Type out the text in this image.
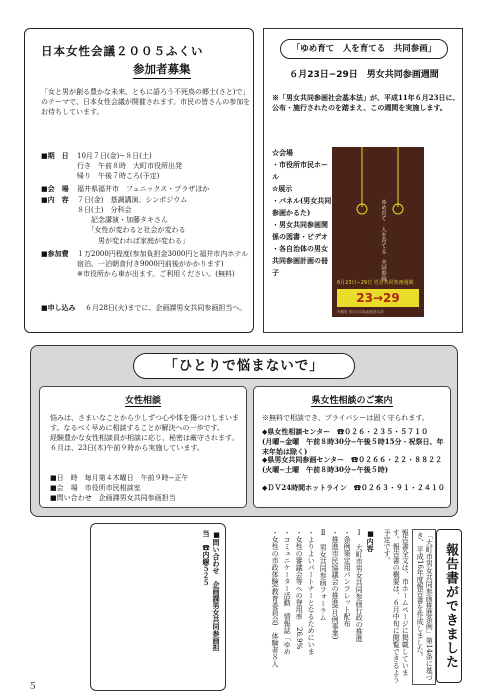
日本女性会議２００５ふくい
参加者募集
「女と男が創る豊かな未来、ともに語ろう不死鳥の郷土(さと)で」のテーマで、日本女性会議が開催されます。市民の皆さんの参加をお待ちしています。
■期　日	10月７日(金)−８日(土)
行き　午前８時　大町市役所出発
帰り　午後７時ころ(予定)
■会　場	福井県福井市　フェニックス・プラザほか
■内　容	７日(金)　基調講演、シンポジウム
８日(土)　分科会
　　記念講演・加藤タキさん
　　「女性が変わると社会が変わる
　　　男が変われば家庭が変わる」
■参加費	１万2000円程度(参加負担金3000円と福井市内ホテル宿泊、一泊朝食付き9000円前後がかかります)
※市役所から車が出ます。ご利用ください。(無料)
■申し込み	６月28日(火)までに、企画課男女共同参画担当へ。
「ゆめ育て　人を育てる　共同参画」
６月23日−29日　男女共同参画週間
※「男女共同参画社会基本法」が、平成11年６月23日に、公布・施行されたのを踏まえ、この週間を実施します。
☆会場
・市役所市民ホール
☆展示
・パネル(男女共同参画かるた)
・男女共同参画関係の図書・ビデオ
・各自治体の男女共同参画計画の冊子	ゆめ育て　人を育てる　共同参画
6月23日−29日 男女共同参画週間
23→29
内閣府 男女共同参画推進本部
「ひとりで悩まないで」
女性相談
悩みは、さまいなことから少しずつ心や体を傷つけしまいます。なるべく早めに相談することが解決への一歩です。
経験豊かな女性相談員が相談に応じ、秘密は厳守されます。
６月は、23日(木)午前９時から実施しています。
■日　時　毎月第４木曜日　午前９時−正午
■会　場　市役所市民相談室
■問い合わせ　企画課男女共同参画担当
県女性相談のご案内
※無料で相談でき、プライバシーは固く守られます。
◆県女性相談センター　☎０２６・２３５・５７１０
(月曜−金曜　午前８時30分−午後５時15分・祝祭日、年末年始は除く)
◆県男女共同参画センター　☎０２６６・２２・８８２２
(火曜−土曜　午前８時30分−午後５時)
◆ＤＶ24時間ホットライン　☎０２６３・９１・２４１０
■問い合わせ　企画課男女共同参画担
当　☎内線５２５	報告書ができました
「大町市男女共同参画推進条例」第14条に基づき、平成16年度報告書を作成しました。
報告書全文は、市ホームページに掲載しています。報告書の概要は、６月中旬に閲覧できるよう予定です。
■内容
Ⅰ　大町市男女共同参画行政の推進
・条例策定用パンフレット配布
・推進市民協議会の推進(月例事業)
Ⅱ　男女共同参画フォーラム
・よりよいパートナーとなるためにいま
・女性の審議会等への登用率　26.9%
・コミュニケーター活動　情報誌「ゆめ
・女性の市政体験(教育委員会)　体験者８人
５
